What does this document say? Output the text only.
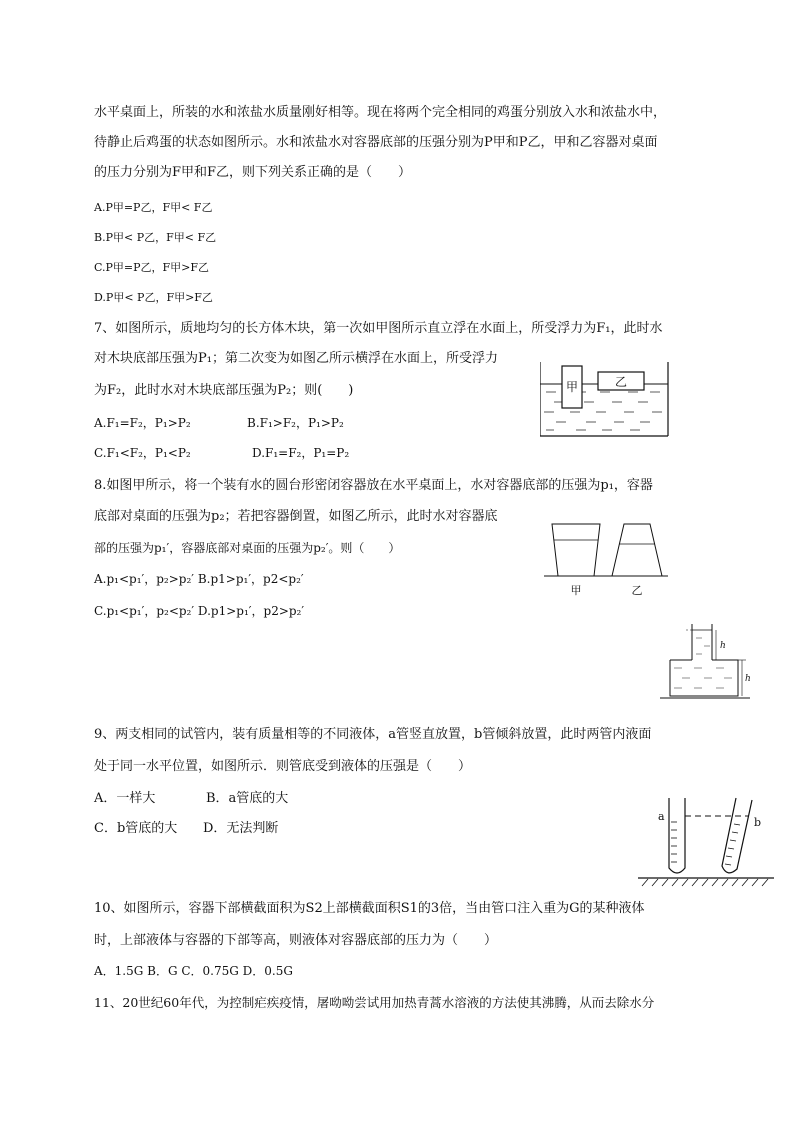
水平桌面上，所装的水和浓盐水质量刚好相等。现在将两个完全相同的鸡蛋分别放入水和浓盐水中，
待静止后鸡蛋的状态如图所示。水和浓盐水对容器底部的压强分别为P甲和P乙，甲和乙容器对桌面
的压力分别为F甲和F乙，则下列关系正确的是（　　）
A.P甲=P乙，F甲< F乙
B.P甲< P乙，F甲< F乙
C.P甲=P乙，F甲>F乙
D.P甲< P乙，F甲>F乙
7、如图所示，质地均匀的长方体木块，第一次如甲图所示直立浮在水面上，所受浮力为F₁，此时水
对木块底部压强为P₁；第二次变为如图乙所示横浮在水面上，所受浮力
为F₂，此时水对木块底部压强为P₂；则(　　)
A.F₁=F₂，P₁>P₂	B.F₁>F₂，P₁>P₂
C.F₁<F₂，P₁<P₂	D.F₁=F₂，P₁=P₂
甲	乙
8.如图甲所示，将一个装有水的圆台形密闭容器放在水平桌面上，水对容器底部的压强为p₁，容器
底部对桌面的压强为p₂；若把容器倒置，如图乙所示，此时水对容器底
部的压强为p₁′，容器底部对桌面的压强为p₂′。则（　　）
A.p₁<p₁′，p₂>p₂′ B.p1>p₁′，p2<p₂′
C.p₁<p₁′，p₂<p₂′ D.p1>p₁′，p2>p₂′
甲	乙
h
h
9、两支相同的试管内，装有质量相等的不同液体，a管竖直放置，b管倾斜放置，此时两管内液面
处于同一水平位置，如图所示．则管底受到液体的压强是（　　）
A．一样大	B．a管底的大
C．b管底的大 D．无法判断
a	b
10、如图所示，容器下部横截面积为S2上部横截面积S1的3倍，当由管口注入重为G的某种液体
时，上部液体与容器的下部等高，则液体对容器底部的压力为（　　）
A．1.5G B．G C．0.75G D．0.5G
11、20世纪60年代，为控制疟疾疫情，屠呦呦尝试用加热青蒿水溶液的方法使其沸腾，从而去除水分
